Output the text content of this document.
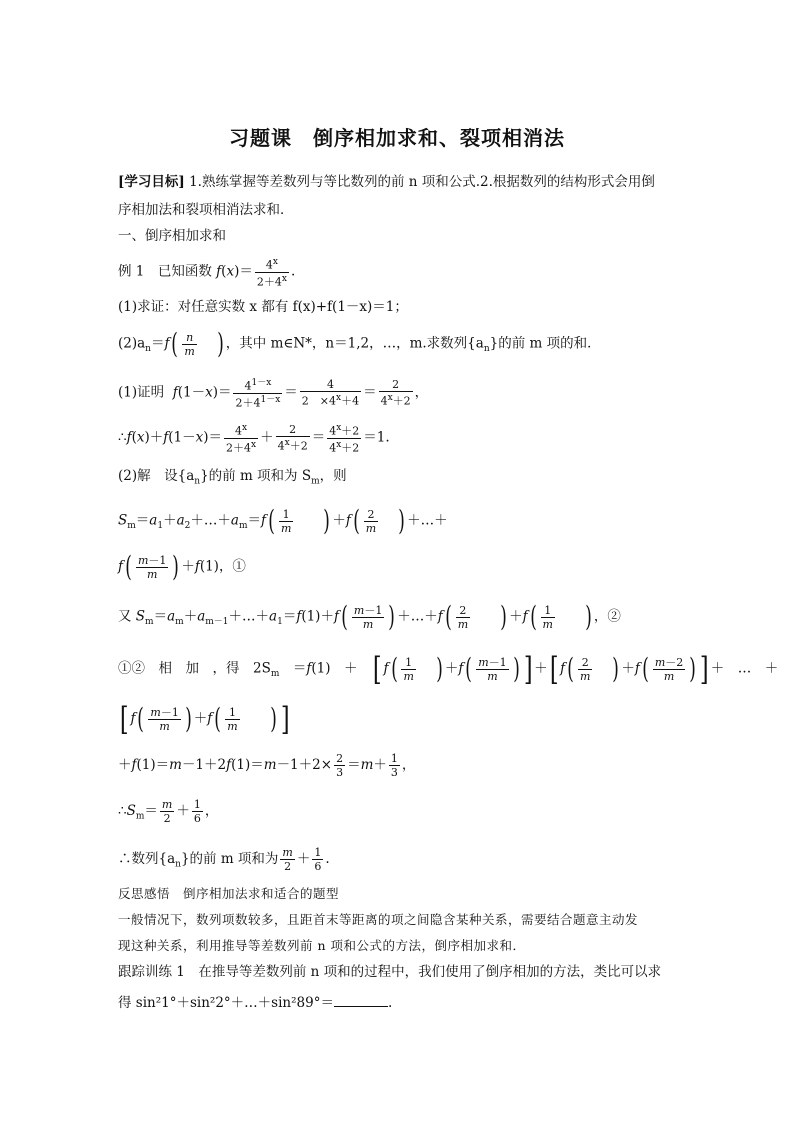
习题课　倒序相加求和、裂项相消法
[学习目标] 1.熟练掌握等差数列与等比数列的前 n 项和公式.2.根据数列的结构形式会用倒
序相加法和裂项相消法求和．
一、倒序相加求和
例 1　已知函数 $f(x)= \frac{4^x}{2+4^x}$ .
(1)求证：对任意实数 x 都有 f(x)+f(1－x)＝1；
$(2)a_n=f( \frac{n}{m}$ ) ，其中 m∈N*，n＝1,2，…，m.求数列$\{a_n\}$的前 m 项的和．
(1)证明 $f(1-x)= \frac{4^{1-x}}{2+4^{1-x}} = \frac{4}{2 \times 4^x+4} = \frac{2}{4^x+2}$ ，
∴f(x)＋f(1－x)＝ $\frac{4^x}{2+4^x} + \frac{2}{4^x+2} = \frac{4^x+2}{4^x+2} =1$.
(2)解　 设$\{a_n\}$的前 m 项和为 $S_m$，则
$S_m=a_1+a_2+\dots+a_m=f( \frac{1}{m}$ ) $+f( \frac{2}{m}$ ) ＋…＋
$f( \frac{m-1}{m}$ ) ＋f(1)，①
又 $S_m=a_m+a_{m-1}+\dots+a_1=f(1)+f( \frac{m-1}{m}$ ) ＋…＋f( $\frac{2}{m}$ ) $+f( \frac{1}{m}$ ) ，②
①②　相　加　，得　$2S_m$　＝f(1)　＋　[ $f( \frac{1}{m}$ ) $+f( \frac{m-1}{m}$ ) ] ＋[ $f( \frac{2}{m}$ ) $+f( \frac{m-2}{m}$ ) ] ＋　…　＋
[ $f( \frac{m-1}{m}$ ) $+f( \frac{1}{m}$ ) ]
$+f(1)=m-1+2f(1)=m-1+2\times \frac{2}{3} =m+ \frac{1}{3}$ ，
$\therefore S_m= \frac{m}{2} + \frac{1}{6}$ ，
∴数列$\{a_n\}$的前 m 项和为 $\frac{m}{2} + \frac{1}{6}$ .
反思感悟　倒序相加法求和适合的题型
一般情况下，数列项数较多，且距首末等距离的项之间隐含某种关系，需要结合题意主动发
现这种关系，利用推导等差数列前 n 项和公式的方法，倒序相加求和．
跟踪训练 1　在推导等差数列前 n 项和的过程中，我们使用了倒序相加的方法，类比可以求
得 sin²1°＋sin²2°＋…＋sin²89°＝	.
